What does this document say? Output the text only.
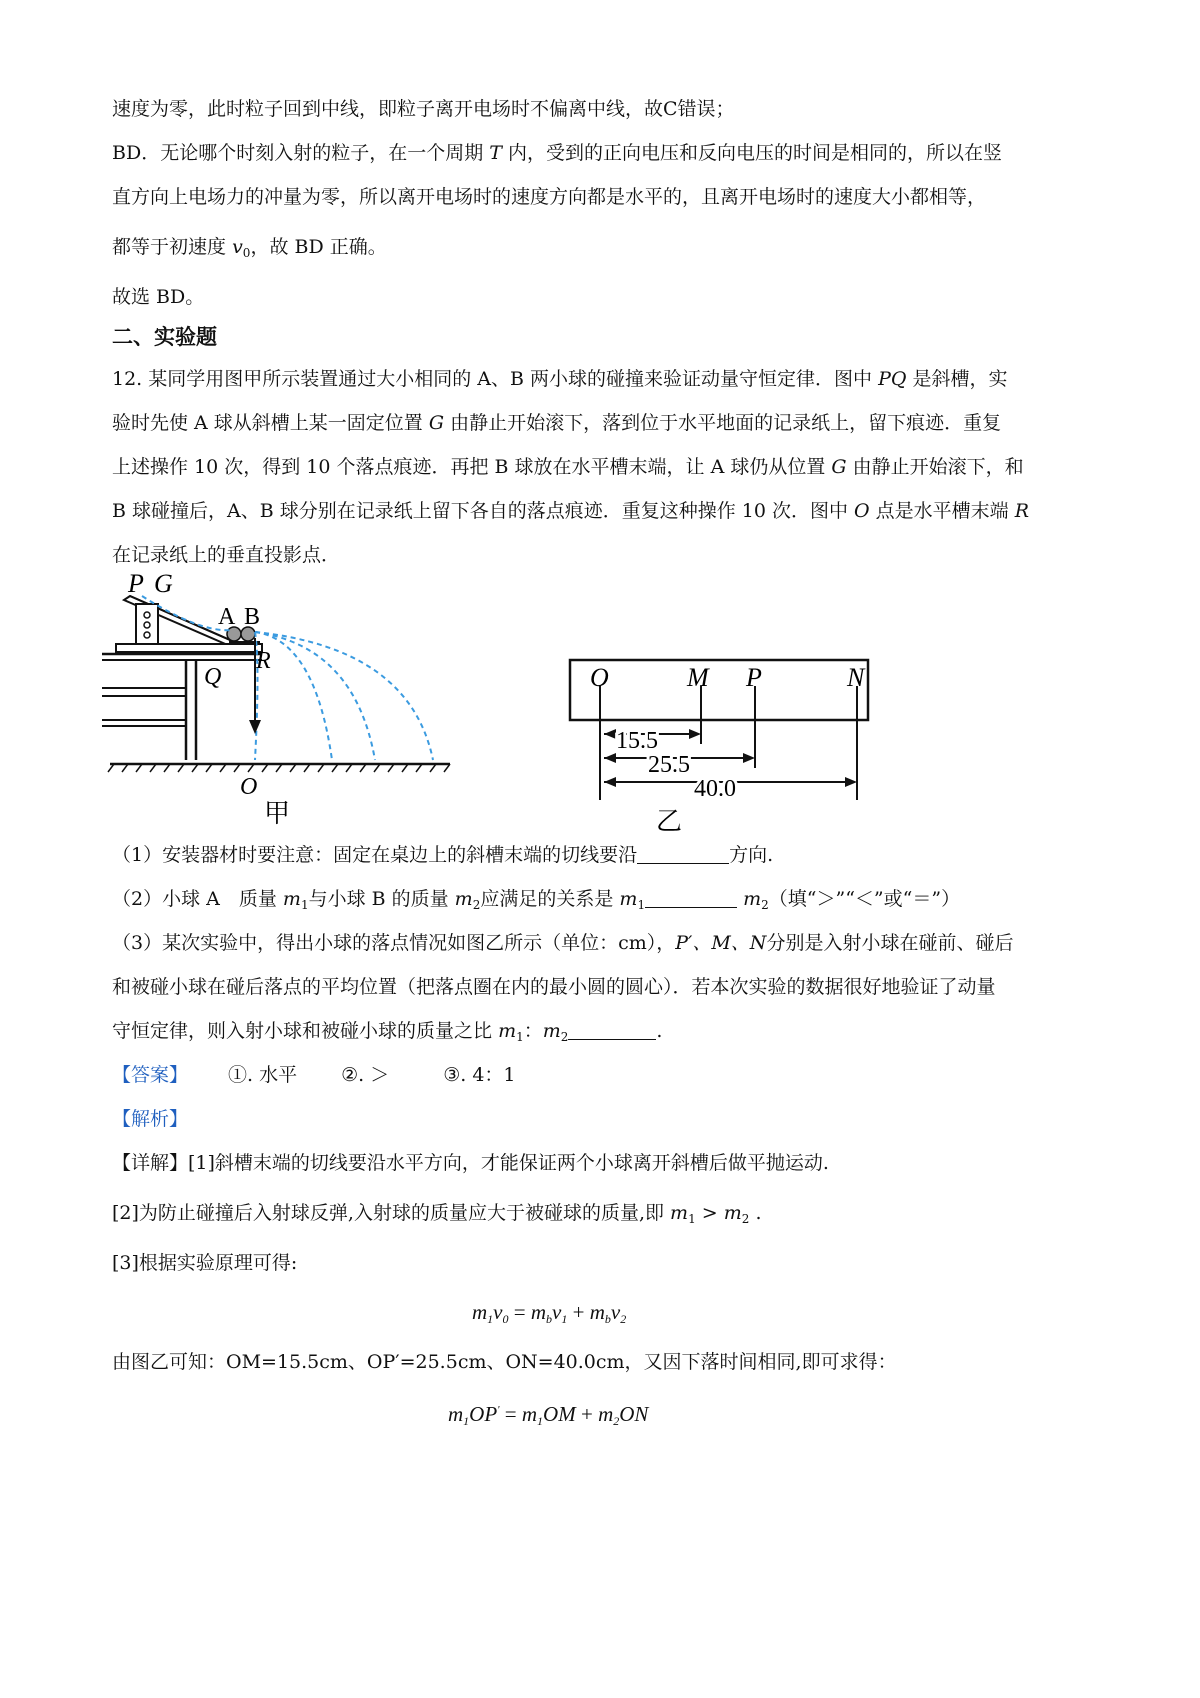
速度为零，此时粒子回到中线，即粒子离开电场时不偏离中线，故C错误；
BD．无论哪个时刻入射的粒子，在一个周期 T 内，受到的正向电压和反向电压的时间是相同的，所以在竖
直方向上电场力的冲量为零，所以离开电场时的速度方向都是水平的，且离开电场时的速度大小都相等，
都等于初速度 $v_0$，故 BD 正确。
故选 BD。
二、实验题
12. 某同学用图甲所示装置通过大小相同的 A、B 两小球的碰撞来验证动量守恒定律．图中 PQ 是斜槽，实
验时先使 A 球从斜槽上某一固定位置 G 由静止开始滚下，落到位于水平地面的记录纸上，留下痕迹．重复
上述操作 10 次，得到 10 个落点痕迹．再把 B 球放在水平槽末端，让 A 球仍从位置 G 由静止开始滚下，和
B 球碰撞后，A、B 球分别在记录纸上留下各自的落点痕迹．重复这种操作 10 次．图中 O 点是水平槽末端 R
在记录纸上的垂直投影点．
P G
A B
R
Q
O
甲
15.5
25.5
40.0
O	M P	N
乙
（1）安装器材时要注意：固定在桌边上的斜槽末端的切线要沿	方向.
（2）小球 A　质量 $m_1$与小球 B 的质量 $m_2$应满足的关系是 $m_1$	$m_2$（填“＞”“＜”或“＝”）
（3）某次实验中，得出小球的落点情况如图乙所示（单位：cm），P′、M、N分别是入射小球在碰前、碰后
和被碰小球在碰后落点的平均位置（把落点圈在内的最小圆的圆心）．若本次实验的数据很好地验证了动量
守恒定律，则入射小球和被碰小球的质量之比 $m_1$：$m_2$	.
【答案】 ①. 水平 ②. ＞	③. 4：1
【解析】
【详解】[1]斜槽末端的切线要沿水平方向，才能保证两个小球离开斜槽后做平抛运动.
[2]为防止碰撞后入射球反弹,入射球的质量应大于被碰球的质量,即 $m_1 > m_2$ .
[3]根据实验原理可得:
$m_1v_0 = m_bv_1 + m_bv_2$
由图乙可知：OM=15.5cm、OP′=25.5cm、ON=40.0cm，又因下落时间相同,即可求得：
$m_1OP' = m_1OM + m_2ON$
